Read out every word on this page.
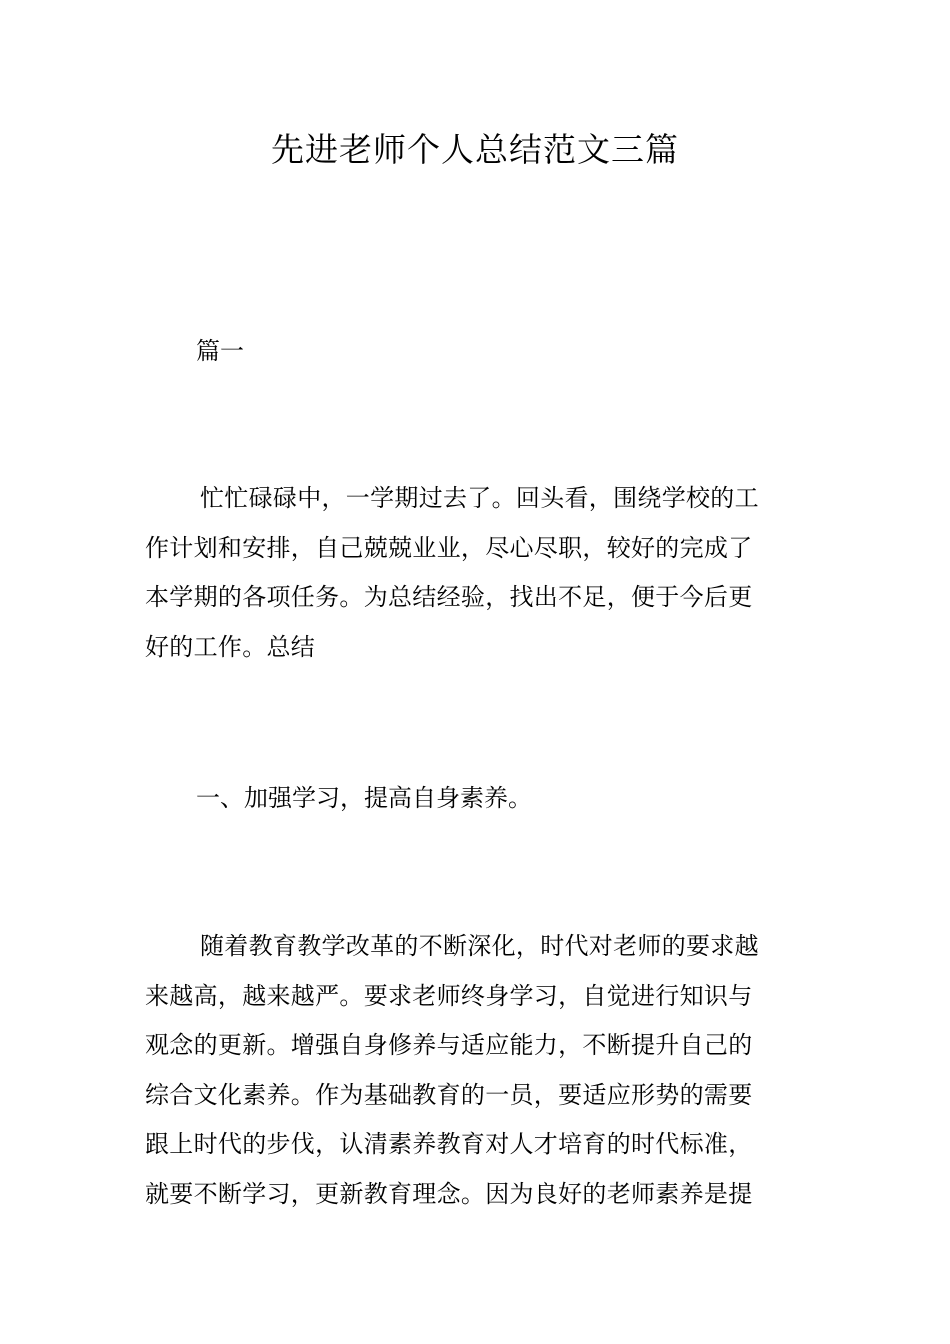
先进老师个人总结范文三篇
篇一
忙忙碌碌中，一学期过去了。回头看，围绕学校的工
作计划和安排，自己兢兢业业，尽心尽职，较好的完成了
本学期的各项任务。为总结经验，找出不足，便于今后更
好的工作。总结
一、加强学习，提高自身素养。
随着教育教学改革的不断深化，时代对老师的要求越
来越高，越来越严。要求老师终身学习，自觉进行知识与
观念的更新。增强自身修养与适应能力，不断提升自己的
综合文化素养。作为基础教育的一员，要适应形势的需要
跟上时代的步伐，认清素养教育对人才培育的时代标准，
就要不断学习，更新教育理念。因为良好的老师素养是提
